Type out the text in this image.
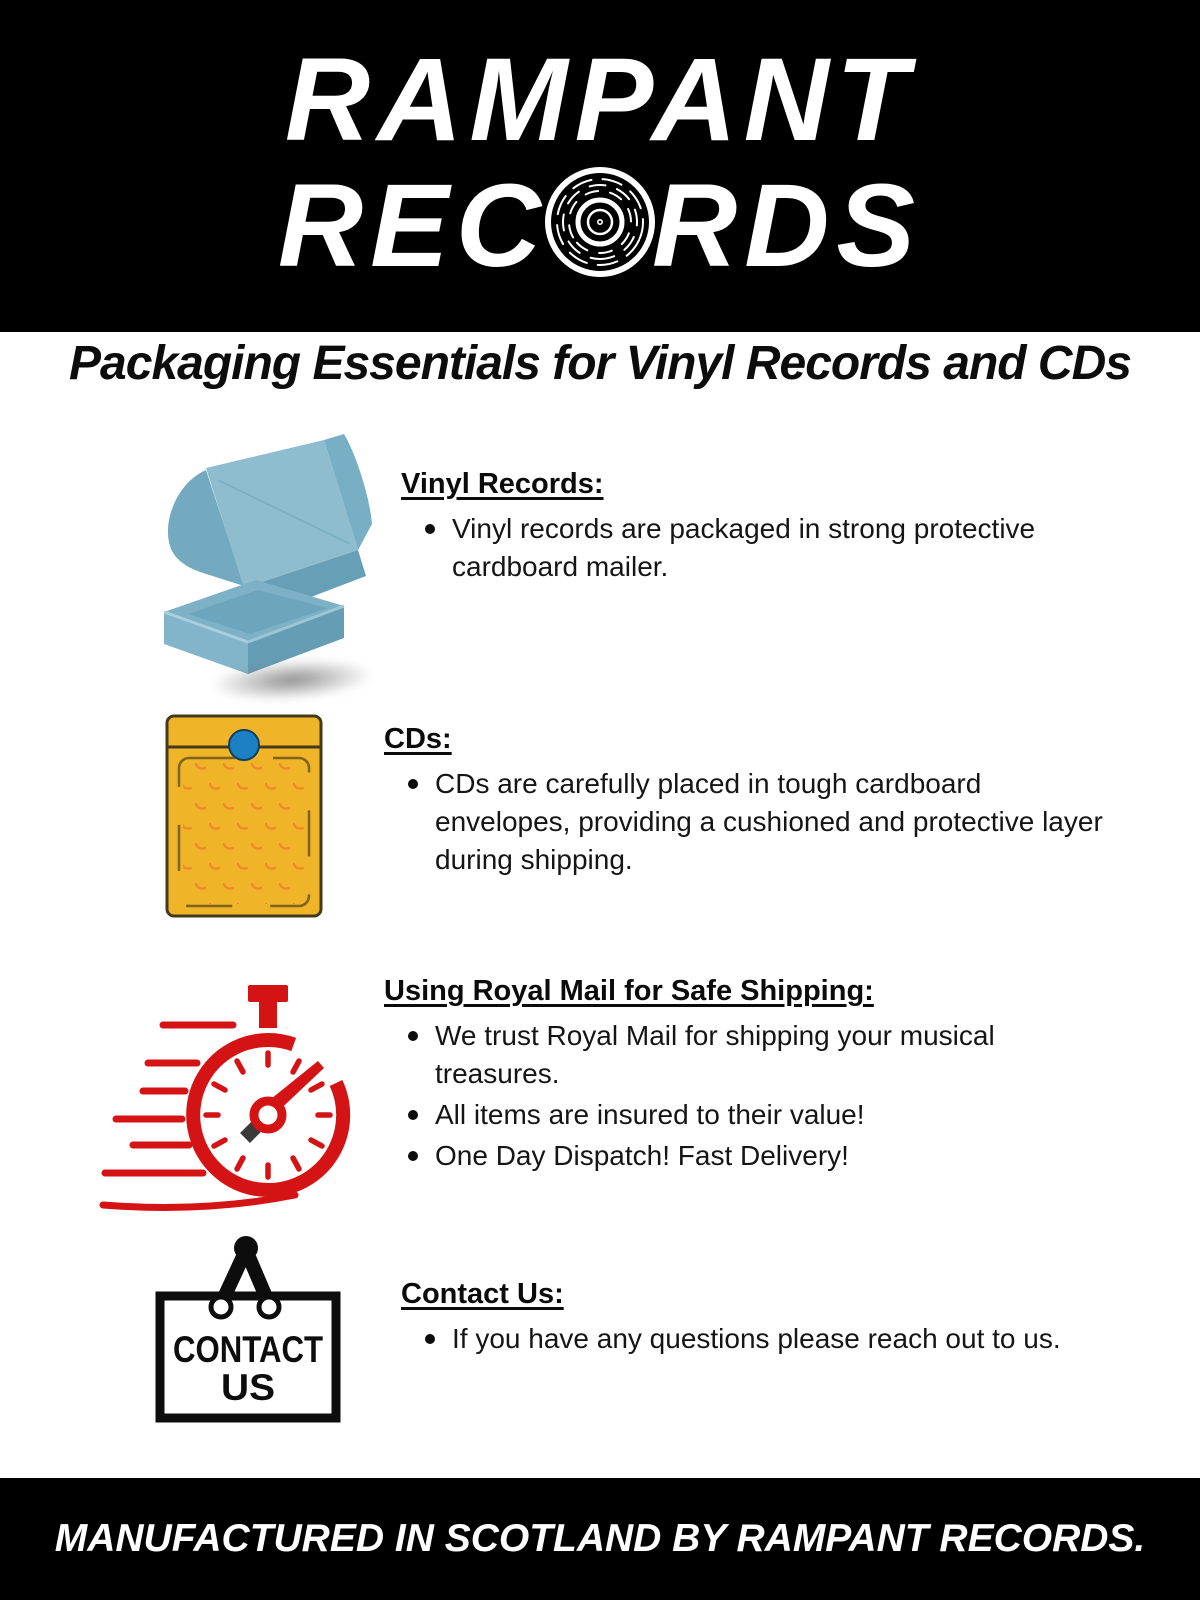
RAMPANT
REC RDS
Packaging Essentials for Vinyl Records and CDs
Vinyl Records:
Vinyl records are packaged in strong protective cardboard mailer.
CDs:
CDs are carefully placed in tough cardboard envelopes, providing a cushioned and protective layer during shipping.
Using Royal Mail for Safe Shipping:
We trust Royal Mail for shipping your musical treasures.
All items are insured to their value!
One Day Dispatch! Fast Delivery!
CONTACT
US
Contact Us:
If you have any questions please reach out to us.
MANUFACTURED IN SCOTLAND BY RAMPANT RECORDS.
